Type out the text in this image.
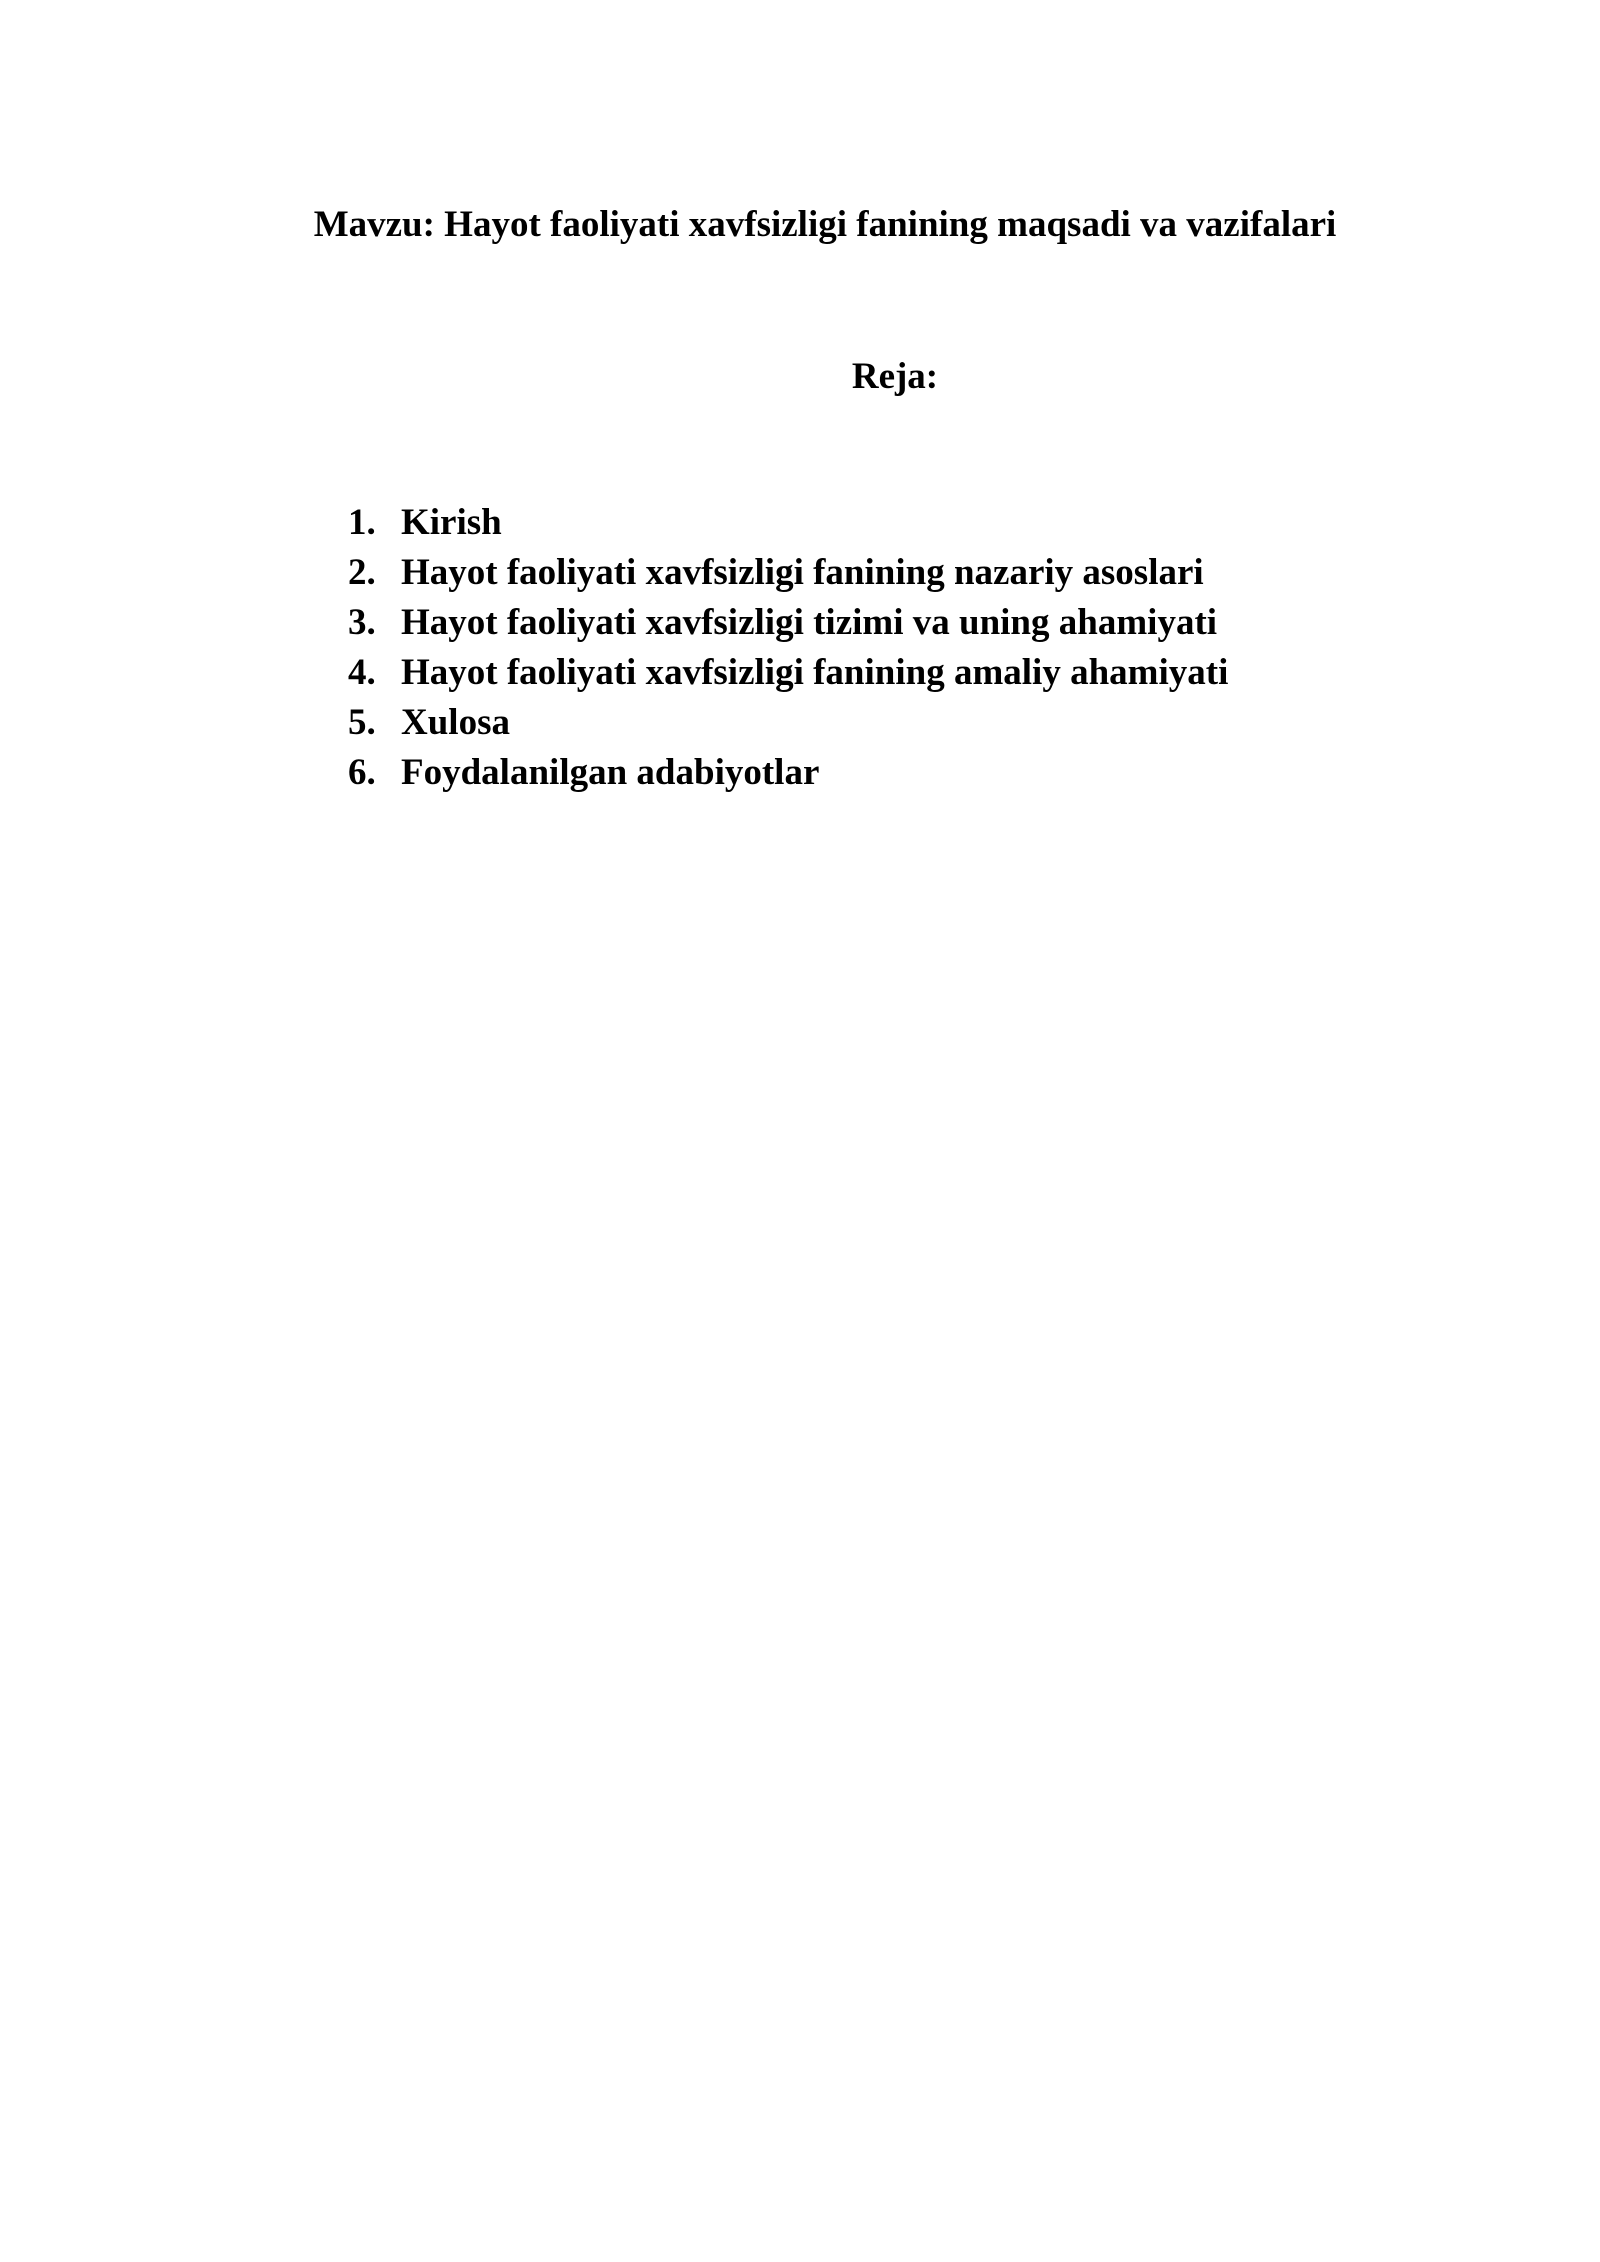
Mavzu: Hayot faoliyati xavfsizligi fanining maqsadi va vazifalari
Reja:
1. Kirish
2. Hayot faoliyati xavfsizligi fanining nazariy asoslari
3. Hayot faoliyati xavfsizligi tizimi va uning ahamiyati
4. Hayot faoliyati xavfsizligi fanining amaliy ahamiyati
5. Xulosa
6. Foydalanilgan adabiyotlar
